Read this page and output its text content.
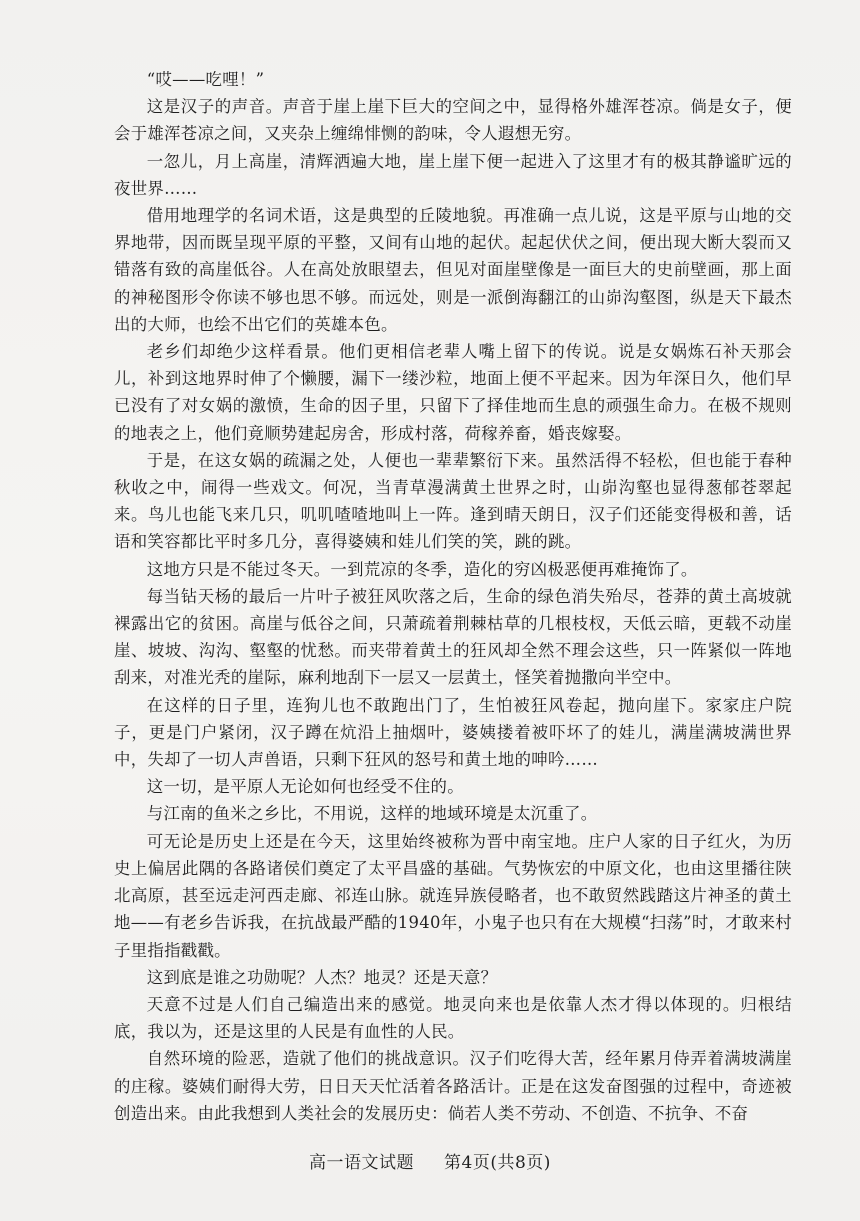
“哎——吃哩！”

这是汉子的声音。声音于崖上崖下巨大的空间之中，显得格外雄浑苍凉。倘是女子，便会于雄浑苍凉之间，又夹杂上缠绵悱恻的韵味，令人遐想无穷。

一忽儿，月上高崖，清辉洒遍大地，崖上崖下便一起进入了这里才有的极其静谧旷远的夜世界……

借用地理学的名词术语，这是典型的丘陵地貌。再准确一点儿说，这是平原与山地的交界地带，因而既呈现平原的平整，又间有山地的起伏。起起伏伏之间，便出现大断大裂而又错落有致的高崖低谷。人在高处放眼望去，但见对面崖壁像是一面巨大的史前壁画，那上面的神秘图形令你读不够也思不够。而远处，则是一派倒海翻江的山峁沟壑图，纵是天下最杰出的大师，也绘不出它们的英雄本色。

老乡们却绝少这样看景。他们更相信老辈人嘴上留下的传说。说是女娲炼石补天那会儿，补到这地界时伸了个懒腰，漏下一缕沙粒，地面上便不平起来。因为年深日久，他们早已没有了对女娲的激愤，生命的因子里，只留下了择佳地而生息的顽强生命力。在极不规则的地表之上，他们竟顺势建起房舍，形成村落，荷稼养畜，婚丧嫁娶。

于是，在这女娲的疏漏之处，人便也一辈辈繁衍下来。虽然活得不轻松，但也能于春种秋收之中，闹得一些戏文。何况，当青草漫满黄土世界之时，山峁沟壑也显得葱郁苍翠起来。鸟儿也能飞来几只，叽叽喳喳地叫上一阵。逢到晴天朗日，汉子们还能变得极和善，话语和笑容都比平时多几分，喜得婆姨和娃儿们笑的笑，跳的跳。

这地方只是不能过冬天。一到荒凉的冬季，造化的穷凶极恶便再难掩饰了。

每当钻天杨的最后一片叶子被狂风吹落之后，生命的绿色消失殆尽，苍莽的黄土高坡就裸露出它的贫困。高崖与低谷之间，只萧疏着荆棘枯草的几根枝杈，天低云暗，更载不动崖崖、坡坡、沟沟、壑壑的忧愁。而夹带着黄土的狂风却全然不理会这些，只一阵紧似一阵地刮来，对准光秃的崖际，麻利地刮下一层又一层黄土，怪笑着抛撒向半空中。

在这样的日子里，连狗儿也不敢跑出门了，生怕被狂风卷起，抛向崖下。家家庄户院子，更是门户紧闭，汉子蹲在炕沿上抽烟叶，婆姨搂着被吓坏了的娃儿，满崖满坡满世界中，失却了一切人声兽语，只剩下狂风的怒号和黄土地的呻吟……

这一切，是平原人无论如何也经受不住的。

与江南的鱼米之乡比，不用说，这样的地域环境是太沉重了。

可无论是历史上还是在今天，这里始终被称为晋中南宝地。庄户人家的日子红火，为历史上偏居此隅的各路诸侯们奠定了太平昌盛的基础。气势恢宏的中原文化，也由这里播往陕北高原，甚至远走河西走廊、祁连山脉。就连异族侵略者，也不敢贸然践踏这片神圣的黄土地——有老乡告诉我，在抗战最严酷的1940年，小鬼子也只有在大规模“扫荡”时，才敢来村子里指指戳戳。

这到底是谁之功勋呢？人杰？地灵？还是天意？

天意不过是人们自己编造出来的感觉。地灵向来也是依靠人杰才得以体现的。归根结底，我以为，还是这里的人民是有血性的人民。

自然环境的险恶，造就了他们的挑战意识。汉子们吃得大苦，经年累月侍弄着满坡满崖的庄稼。婆姨们耐得大劳，日日天天忙活着各路活计。正是在这发奋图强的过程中，奇迹被创造出来。由此我想到人类社会的发展历史：倘若人类不劳动、不创造、不抗争、不奋

高一语文试题 第4页(共8页)
